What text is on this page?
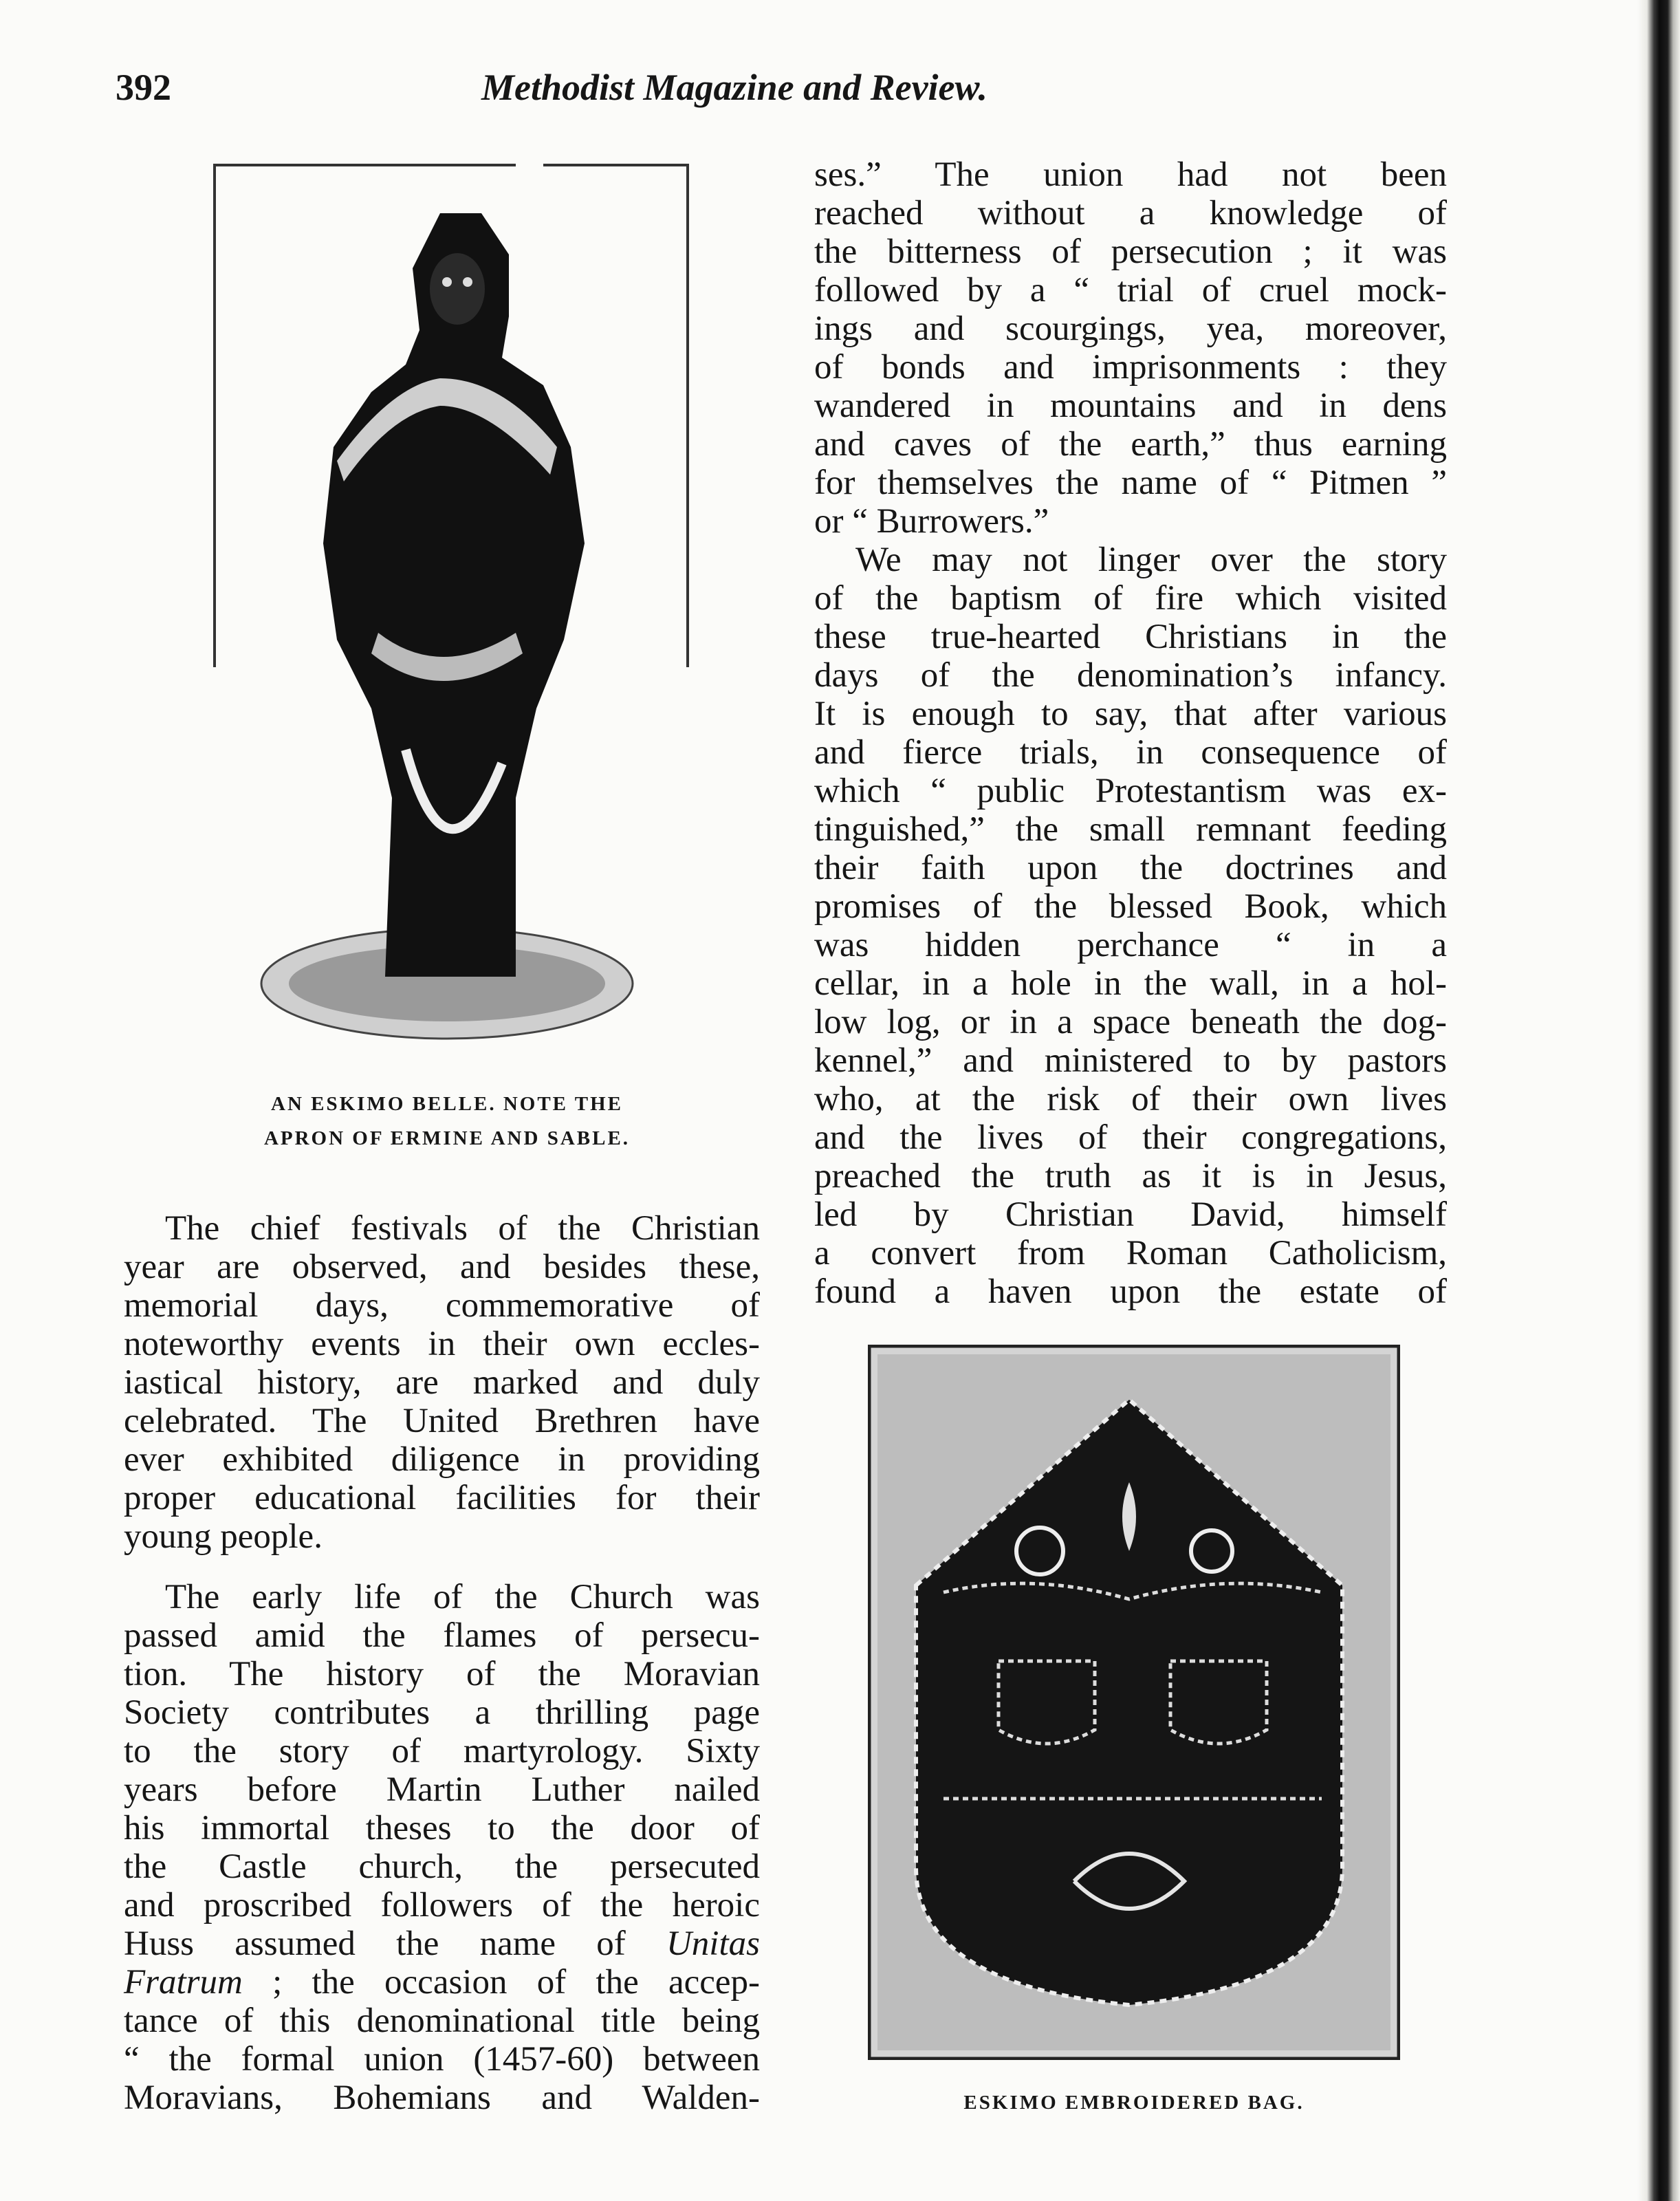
392	Methodist Magazine and Review.
AN ESKIMO BELLE. NOTE THE
APRON OF ERMINE AND SABLE.
ESKIMO EMBROIDERED BAG.
The chief festivals of the Christian
year are observed, and besides these,
memorial days, commemorative of
noteworthy events in their own eccles-
iastical history, are marked and duly
celebrated. The United Brethren have
ever exhibited diligence in providing
proper educational facilities for their
young people.
The early life of the Church was
passed amid the flames of persecu-
tion. The history of the Moravian
Society contributes a thrilling page
to the story of martyrology. Sixty
years before Martin Luther nailed
his immortal theses to the door of
the Castle church, the persecuted
and proscribed followers of the heroic
Huss assumed the name of Unitas
Fratrum ; the occasion of the accep-
tance of this denominational title being
“ the formal union (1457-60) between
Moravians, Bohemians and Walden-
ses.” The union had not been
reached without a knowledge of
the bitterness of persecution ; it was
followed by a “ trial of cruel mock-
ings and scourgings, yea, moreover,
of bonds and imprisonments : they
wandered in mountains and in dens
and caves of the earth,” thus earning
for themselves the name of “ Pitmen ”
or “ Burrowers.”
We may not linger over the story
of the baptism of fire which visited
these true-hearted Christians in the
days of the denomination’s infancy.
It is enough to say, that after various
and fierce trials, in consequence of
which “ public Protestantism was ex-
tinguished,” the small remnant feeding
their faith upon the doctrines and
promises of the blessed Book, which
was hidden perchance “ in a
cellar, in a hole in the wall, in a hol-
low log, or in a space beneath the dog-
kennel,” and ministered to by pastors
who, at the risk of their own lives
and the lives of their congregations,
preached the truth as it is in Jesus,
led by Christian David, himself
a convert from Roman Catholicism,
found a haven upon the estate of
